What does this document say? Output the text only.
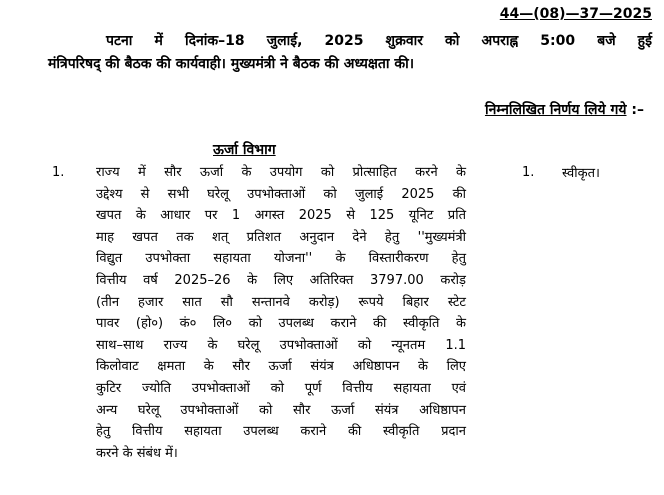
44—(08)—37—2025

पटना में दिनांक–18 जुलाई, 2025 शुक्रवार को अपराह्न 5:00 बजे हुई

मंत्रिपरिषद् की बैठक की कार्यवाही। मुख्यमंत्री ने बैठक की अध्यक्षता की।

निम्नलिखित निर्णय लिये गये :–
ऊर्जा विभाग
1. राज्य में सौर ऊर्जा के उपयोग को प्रोत्साहित करने के
उद्देश्य से सभी घरेलू उपभोक्ताओं को जुलाई 2025 की
खपत के आधार पर 1 अगस्त 2025 से 125 यूनिट प्रति
माह खपत तक शत् प्रतिशत अनुदान देने हेतु ''मुख्यमंत्री
विद्युत उपभोक्ता सहायता योजना'' के विस्तारीकरण हेतु
वित्तीय वर्ष 2025–26 के लिए अतिरिक्त 3797.00 करोड़
(तीन हजार सात सौ सन्तानवे करोड़) रूपये बिहार स्टेट
पावर (हो०) कं० लि० को उपलब्ध कराने की स्वीकृति के
साथ–साथ राज्य के घरेलू उपभोक्ताओं को न्यूनतम 1.1
किलोवाट क्षमता के सौर ऊर्जा संयंत्र अधिष्ठापन के लिए
कुटिर ज्योति उपभोक्ताओं को पूर्ण वित्तीय सहायता एवं
अन्य घरेलू उपभोक्ताओं को सौर ऊर्जा संयंत्र अधिष्ठापन
हेतु वित्तीय सहायता उपलब्ध कराने की स्वीकृति प्रदान
करने के संबंध में।
1. स्वीकृत।
